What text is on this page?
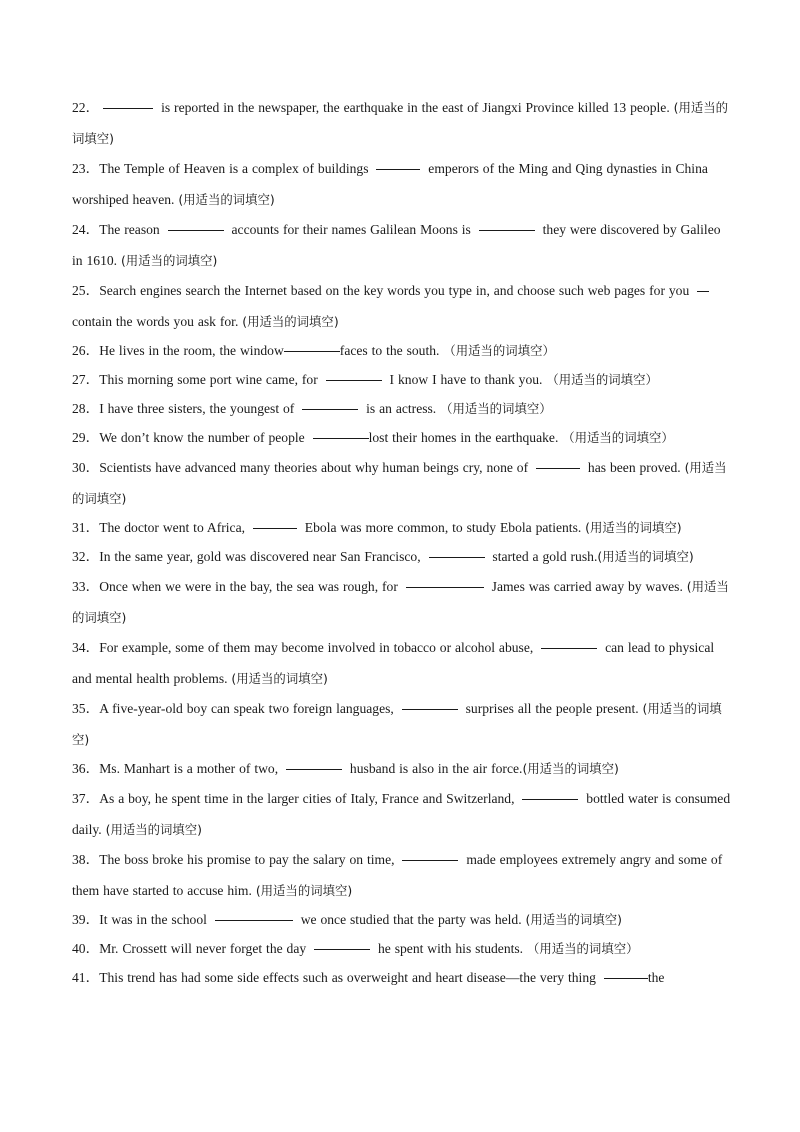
22．	is reported in the newspaper, the earthquake in the east of Jiangxi Province killed 13 people. (用适当的词填空)

23．The Temple of Heaven is a complex of buildings	emperors of the Ming and Qing dynasties in China worshiped heaven. (用适当的词填空)

24．The reason	accounts for their names Galilean Moons is	they were discovered by Galileo in 1610. (用适当的词填空)

25．Search engines search the Internet based on the key words you type in, and choose such web pages for you  contain the words you ask for. (用适当的词填空)

26．He lives in the room, the window	faces to the south. （用适当的词填空）

27．This morning some port wine came, for	I know I have to thank you. （用适当的词填空）

28．I have three sisters, the youngest of	is an actress. （用适当的词填空）

29．We don’t know the number of people	lost their homes in the earthquake. （用适当的词填空）

30．Scientists have advanced many theories about why human beings cry, none of	has been proved. (用适当的词填空)

31．The doctor went to Africa,	Ebola was more common, to study Ebola patients. (用适当的词填空)

32．In the same year, gold was discovered near San Francisco,	started a gold rush.(用适当的词填空)

33．Once when we were in the bay, the sea was rough, for	James was carried away by waves. (用适当的词填空)

34．For example, some of them may become involved in tobacco or alcohol abuse,	can lead to physical and mental health problems. (用适当的词填空)

35．A five-year-old boy can speak two foreign languages,	surprises all the people present. (用适当的词填空)

36．Ms. Manhart is a mother of two,	husband is also in the air force.(用适当的词填空)

37．As a boy, he spent time in the larger cities of Italy, France and Switzerland,	bottled water is consumed daily. (用适当的词填空)

38．The boss broke his promise to pay the salary on time,	made employees extremely angry and some of them have started to accuse him. (用适当的词填空)

39．It was in the school	we once studied that the party was held. (用适当的词填空)

40．Mr. Crossett will never forget the day	he spent with his students. （用适当的词填空）

41．This trend has had some side effects such as overweight and heart disease—the very thing	the
